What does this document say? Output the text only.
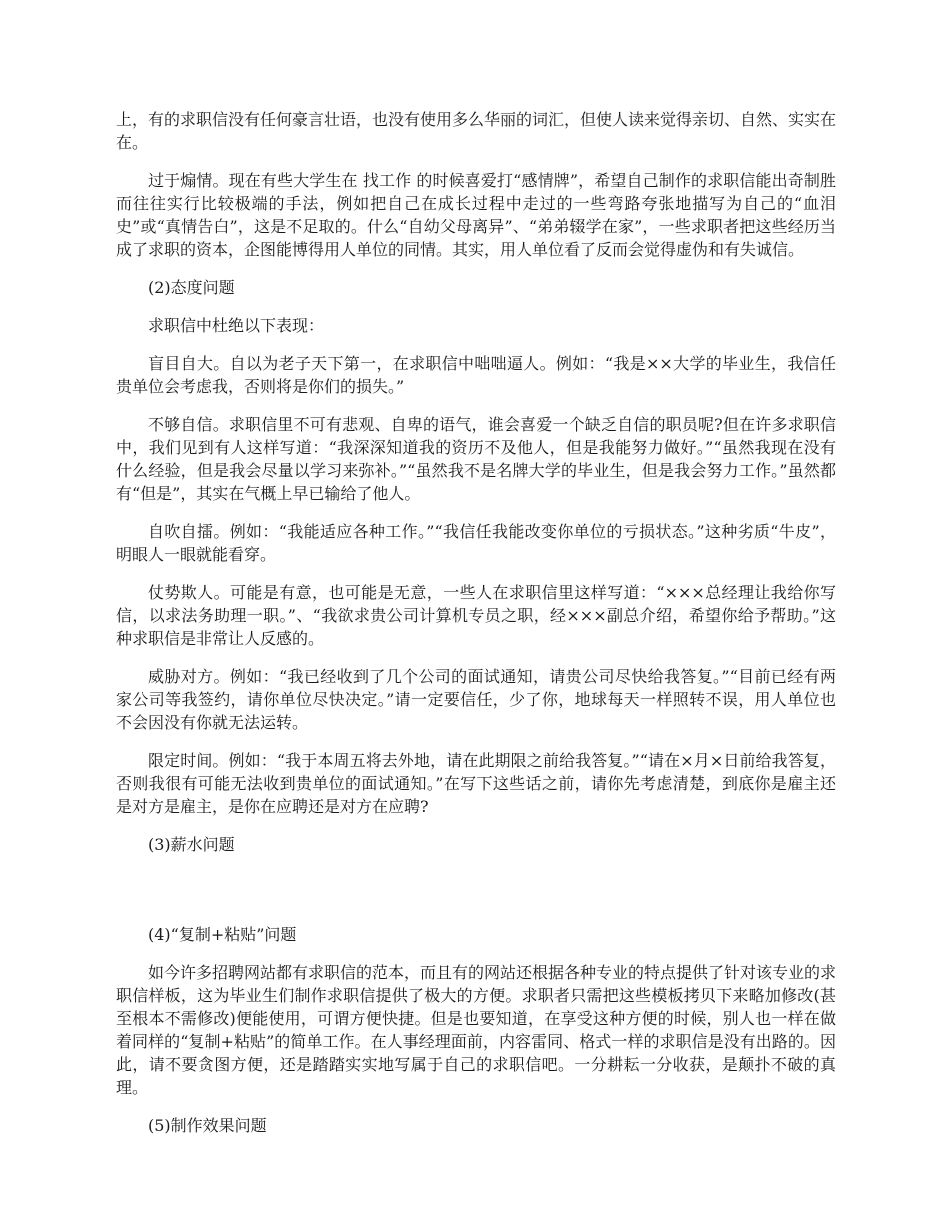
上，有的求职信没有任何豪言壮语，也没有使用多么华丽的词汇，但使人读来觉得亲切、自然、实实在在。

过于煽情。现在有些大学生在 找工作 的时候喜爱打“感情牌”，希望自己制作的求职信能出奇制胜而往往实行比较极端的手法，例如把自己在成长过程中走过的一些弯路夸张地描写为自己的“血泪史”或“真情告白”，这是不足取的。什么“自幼父母离异”、“弟弟辍学在家”，一些求职者把这些经历当成了求职的资本，企图能博得用人单位的同情。其实，用人单位看了反而会觉得虚伪和有失诚信。

(2)态度问题

求职信中杜绝以下表现：

盲目自大。自以为老子天下第一，在求职信中咄咄逼人。例如：“我是××大学的毕业生，我信任贵单位会考虑我，否则将是你们的损失。”

不够自信。求职信里不可有悲观、自卑的语气，谁会喜爱一个缺乏自信的职员呢?但在许多求职信中，我们见到有人这样写道：“我深深知道我的资历不及他人，但是我能努力做好。”“虽然我现在没有什么经验，但是我会尽量以学习来弥补。”“虽然我不是名牌大学的毕业生，但是我会努力工作。”虽然都有“但是”，其实在气概上早已输给了他人。

自吹自擂。例如：“我能适应各种工作。”“我信任我能改变你单位的亏损状态。”这种劣质“牛皮”，明眼人一眼就能看穿。

仗势欺人。可能是有意，也可能是无意，一些人在求职信里这样写道：“×××总经理让我给你写信，以求法务助理一职。”、“我欲求贵公司计算机专员之职，经×××副总介绍，希望你给予帮助。”这种求职信是非常让人反感的。

威胁对方。例如：“我已经收到了几个公司的面试通知，请贵公司尽快给我答复。”“目前已经有两家公司等我签约，请你单位尽快决定。”请一定要信任，少了你，地球每天一样照转不误，用人单位也不会因没有你就无法运转。

限定时间。例如：“我于本周五将去外地，请在此期限之前给我答复。”“请在×月×日前给我答复，否则我很有可能无法收到贵单位的面试通知。”在写下这些话之前，请你先考虑清楚，到底你是雇主还是对方是雇主，是你在应聘还是对方在应聘?

(3)薪水问题

(4)“复制+粘贴”问题

如今许多招聘网站都有求职信的范本，而且有的网站还根据各种专业的特点提供了针对该专业的求职信样板，这为毕业生们制作求职信提供了极大的方便。求职者只需把这些模板拷贝下来略加修改(甚至根本不需修改)便能使用，可谓方便快捷。但是也要知道，在享受这种方便的时候，别人也一样在做着同样的“复制+粘贴”的简单工作。在人事经理面前，内容雷同、格式一样的求职信是没有出路的。因此，请不要贪图方便，还是踏踏实实地写属于自己的求职信吧。一分耕耘一分收获，是颠扑不破的真理。

(5)制作效果问题
